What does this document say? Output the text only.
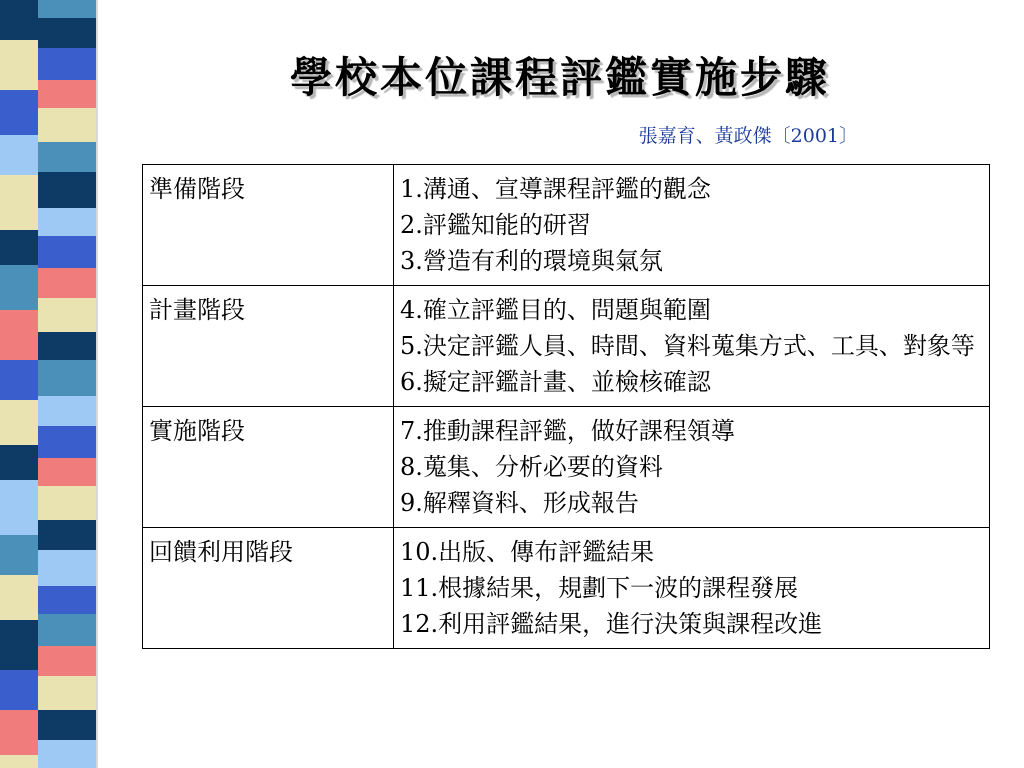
學校本位課程評鑑實施步驟

張嘉育、黃政傑〔2001〕

準備階段	1.溝通、宣導課程評鑑的觀念
2.評鑑知能的研習
3.營造有利的環境與氣氛

計畫階段	4.確立評鑑目的、問題與範圍
5.決定評鑑人員、時間、資料蒐集方式、工具、對象等
6.擬定評鑑計畫、並檢核確認

實施階段	7.推動課程評鑑，做好課程領導
8.蒐集、分析必要的資料
9.解釋資料、形成報告

回饋利用階段	10.出版、傳布評鑑結果
11.根據結果，規劃下一波的課程發展
12.利用評鑑結果，進行決策與課程改進
